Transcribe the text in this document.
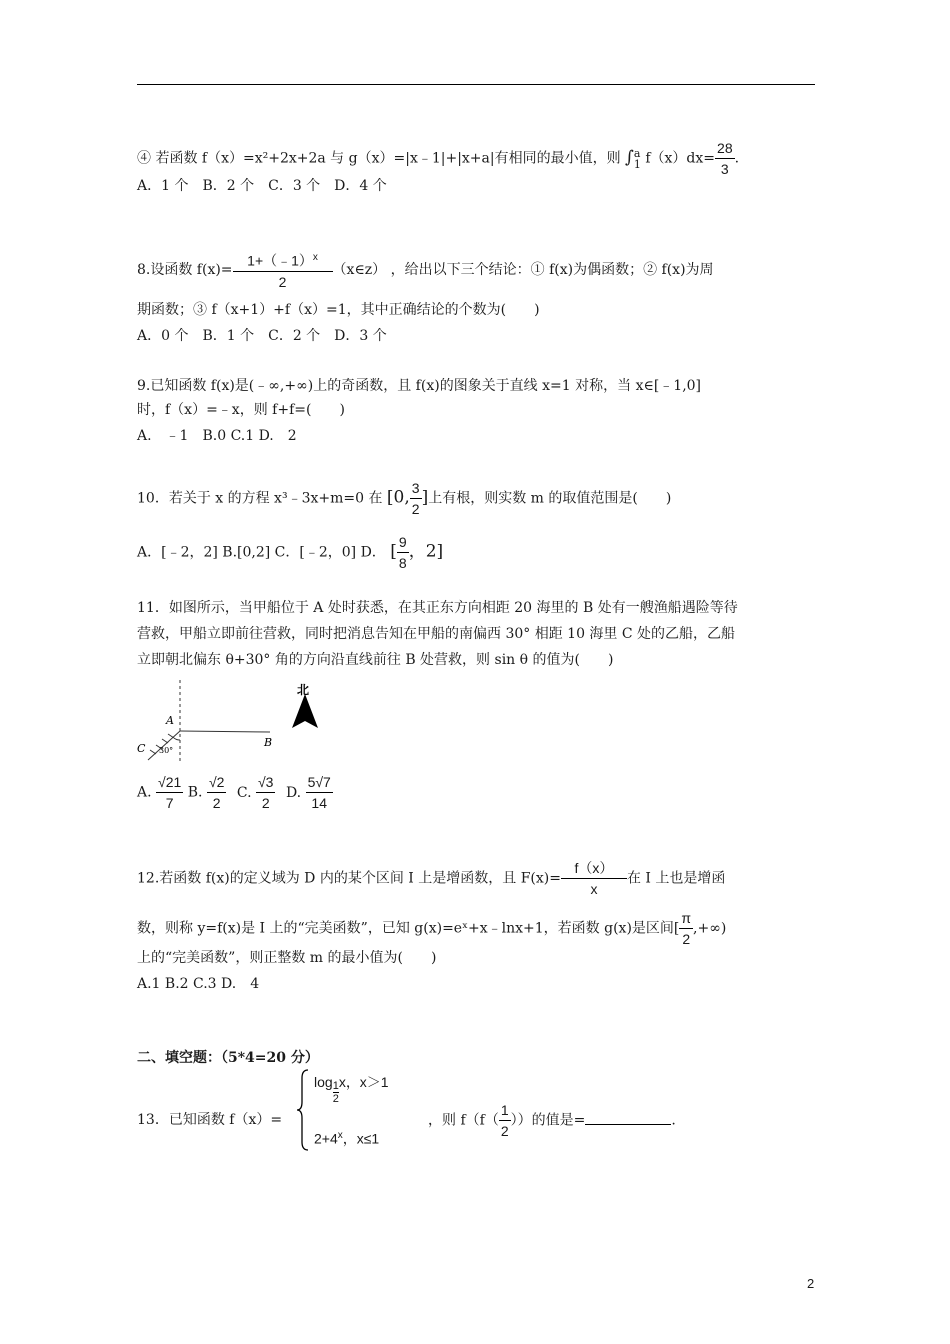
④ 若函数 f（x）=x²+2x+2a 与 g（x）=|x﹣1|+|x+a|有相同的最小值，则 ∫ a
1 $f(x)dx= \frac{28}{3}$ .
A．1 个　B．2 个　C．3 个　D．4 个
8.设函数 $f(x)= \frac{1+(﹣1)^x}{2}$ （x∈z） ，给出以下三个结论：① f(x)为偶函数；② f(x)为周
期函数；③ f（x+1）+f（x）=1，其中正确结论的个数为(　　)
A．0 个　B．1 个　C．2 个　D．3 个
9.已知函数 f(x)是(﹣∞,+∞)上的奇函数，且 f(x)的图象关于直线 x=1 对称，当 x∈[﹣1,0]
时，f（x）=﹣x，则 f+f=(　　)
A.　﹣1　B.0 C.1 D.　2
10．若关于 x 的方程 x³﹣3x+m=0 在 [0, $\frac{3}{2}$ ]上有根，则实数 m 的取值范围是(　　)
A．[﹣2，2] B.[0,2] C．[﹣2，0] D． [ $\frac{9}{8}$ ，2]
11．如图所示，当甲船位于 A 处时获悉，在其正东方向相距 20 海里的 B 处有一艘渔船遇险等待
营救，甲船立即前往营救，同时把消息告知在甲船的南偏西 30° 相距 10 海里 C 处的乙船，乙船
立即朝北偏东 θ+30° 角的方向沿直线前往 B 处营救，则 sin θ 的值为(　　)
A
B
C 30°
北
A. $\frac{√21}{7} B$. $\frac{√2}{2} C$. $\frac{√3}{2} D$. $\frac{5√7}{14}$
12.若函数 f(x)的定义域为 D 内的某个区间 I 上是增函数，且 $F(x)= \frac{f(x)}{x}$ 在 I 上也是增函
数，则称 y=f(x)是 I 上的“完美函数”，已知 g(x)=eˣ+x﹣lnx+1，若函数 g(x)是区间[ $\frac{\pi}{2}$ ,+∞)
上的“完美函数”，则正整数 m 的最小值为(　　)
A.1 B.2 C.3 D.　4
二、填空题：（5*4=20 分）
13．已知函数 f（x）=
$\log \frac{1}{2}$ x，x＞1
$2+4^x$，x≤1
，则 $f(f( \frac{1}{2}$ ））的值是=	.
2
